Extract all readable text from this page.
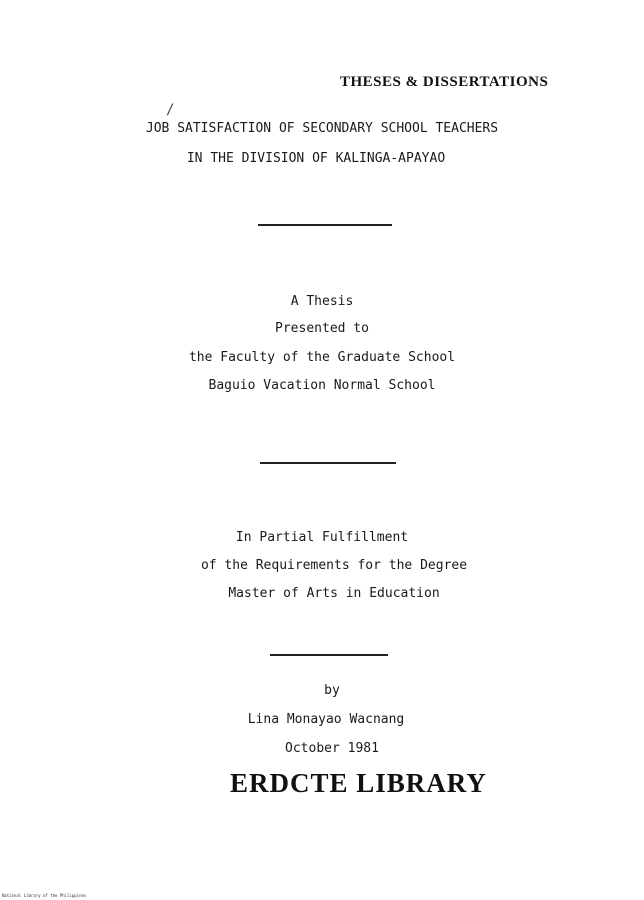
THESES & DISSERTATIONS
/
JOB SATISFACTION OF SECONDARY SCHOOL TEACHERS
IN THE DIVISION OF KALINGA-APAYAO
A Thesis
Presented to
the Faculty of the Graduate School
Baguio Vacation Normal School
In Partial Fulfillment
of the Requirements for the Degree
Master of Arts in Education
by
Lina Monayao Wacnang
October 1981
ERDCTE LIBRARY
National Library of the Philippines
